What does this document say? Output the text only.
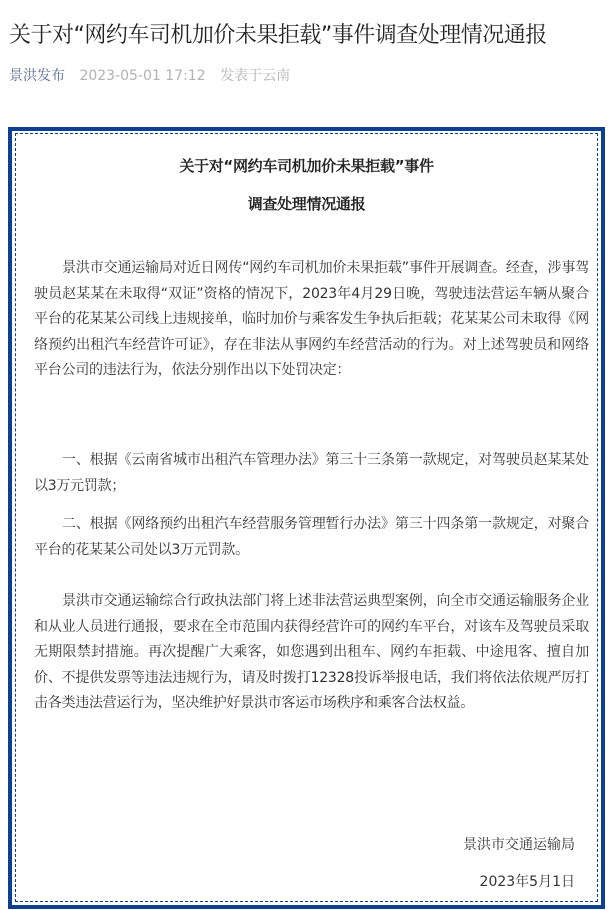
关于对“网约车司机加价未果拒载”事件调查处理情况通报
景洪发布 2023-05-01 17:12 发表于云南
关于对“网约车司机加价未果拒载”事件
调查处理情况通报

景洪市交通运输局对近日网传“网约车司机加价未果拒载”事件开展调查。经查，涉事驾驶员赵某某在未取得“双证”资格的情况下，2023年4月29日晚，驾驶违法营运车辆从聚合平台的花某某公司线上违规接单，临时加价与乘客发生争执后拒载；花某某公司未取得《网络预约出租汽车经营许可证》，存在非法从事网约车经营活动的行为。对上述驾驶员和网络平台公司的违法行为，依法分别作出以下处罚决定：

一、根据《云南省城市出租汽车管理办法》第三十三条第一款规定，对驾驶员赵某某处以3万元罚款；

二、根据《网络预约出租汽车经营服务管理暂行办法》第三十四条第一款规定，对聚合平台的花某某公司处以3万元罚款。

景洪市交通运输综合行政执法部门将上述非法营运典型案例，向全市交通运输服务企业和从业人员进行通报，要求在全市范围内获得经营许可的网约车平台，对该车及驾驶员采取无期限禁封措施。再次提醒广大乘客，如您遇到出租车、网约车拒载、中途甩客、擅自加价、不提供发票等违法违规行为，请及时拨打12328投诉举报电话，我们将依法依规严厉打击各类违法营运行为，坚决维护好景洪市客运市场秩序和乘客合法权益。

景洪市交通运输局
2023年5月1日
